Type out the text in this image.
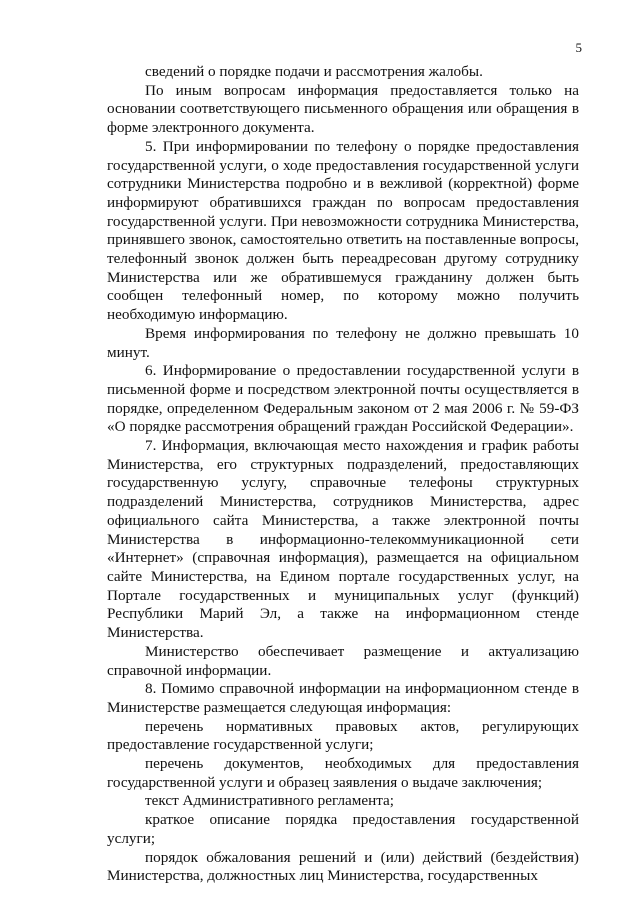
5

сведений о порядке подачи и рассмотрения жалобы.

По иным вопросам информация предоставляется только на основании соответствующего письменного обращения или обращения в форме электронного документа.

5. При информировании по телефону о порядке предоставления государственной услуги, о ходе предоставления государственной услуги сотрудники Министерства подробно и в вежливой (корректной) форме информируют обратившихся граждан по вопросам предоставления государственной услуги. При невозможности сотрудника Министерства, принявшего звонок, самостоятельно ответить на поставленные вопросы, телефонный звонок должен быть переадресован другому сотруднику Министерства или же обратившемуся гражданину должен быть сообщен телефонный номер, по которому можно получить необходимую информацию.

Время информирования по телефону не должно превышать 10 минут.

6. Информирование о предоставлении государственной услуги в письменной форме и посредством электронной почты осуществляется в порядке, определенном Федеральным законом от 2 мая 2006 г. № 59-ФЗ «О порядке рассмотрения обращений граждан Российской Федерации».

7. Информация, включающая место нахождения и график работы Министерства, его структурных подразделений, предоставляющих государственную услугу, справочные телефоны структурных подразделений Министерства, сотрудников Министерства, адрес официального сайта Министерства, а также электронной почты Министерства в информационно-телекоммуникационной сети «Интернет» (справочная информация), размещается на официальном сайте Министерства, на Едином портале государственных услуг, на Портале государственных и муниципальных услуг (функций) Республики Марий Эл, а также на информационном стенде Министерства.

Министерство обеспечивает размещение и актуализацию справочной информации.

8. Помимо справочной информации на информационном стенде в Министерстве размещается следующая информация:

перечень нормативных правовых актов, регулирующих предоставление государственной услуги;

перечень документов, необходимых для предоставления государственной услуги и образец заявления о выдаче заключения;

текст Административного регламента;

краткое описание порядка предоставления государственной услуги;

порядок обжалования решений и (или) действий (бездействия) Министерства, должностных лиц Министерства, государственных
